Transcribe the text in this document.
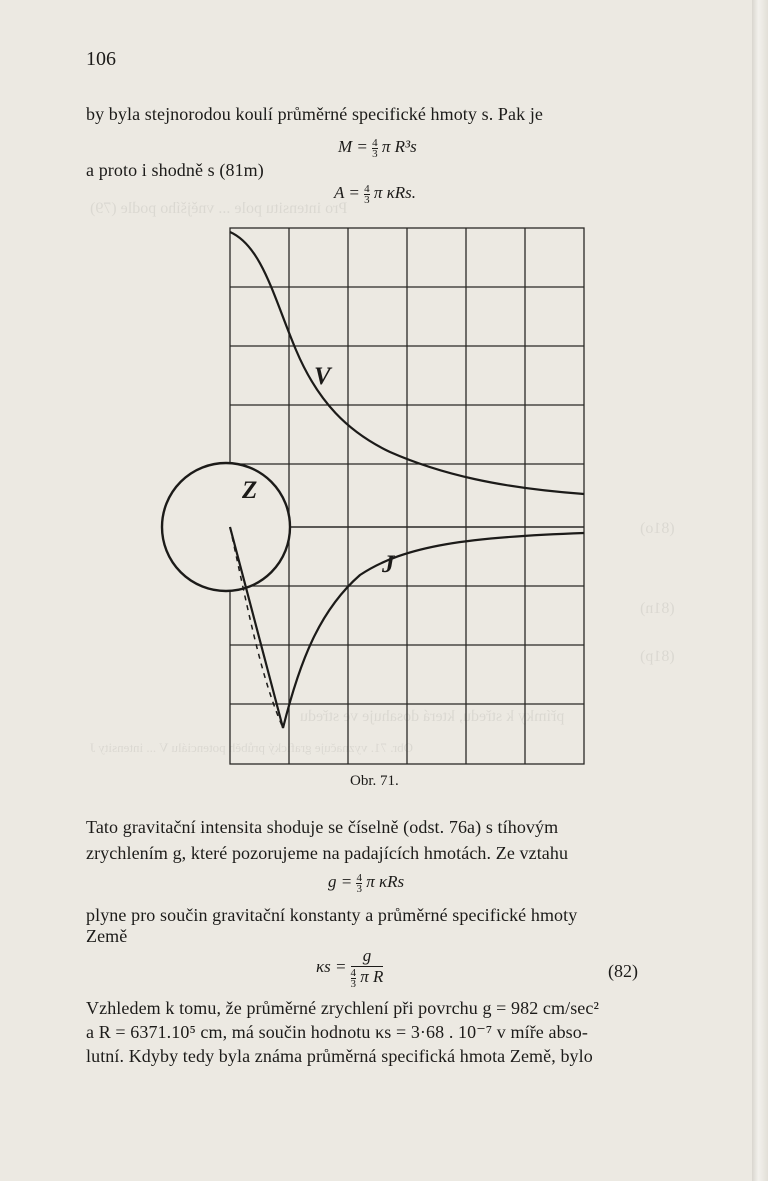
Pro intensitu pole ... vnějšího podle (79)
(81o)
(81n)
(81p)
přímky k středu, která dosahuje ve středu
Obr. 71. vyznačuje grafický průběh potenciálu V ... intensity J
106
by byla stejnorodou koulí průměrné specifické hmoty s. Pak je
$M = \frac{4}{3}$ π R³s
a proto i shodně s (81m)
$A = \frac{4}{3}$ π κRs.
V
Z
J
Obr. 71.
Tato gravitační intensita shoduje se číselně (odst. 76a) s tíhovým
zrychlením g, které pozorujeme na padajících hmotách. Ze vztahu
$g = \frac{4}{3}$ π κRs
plyne pro součin gravitační konstanty a průměrné specifické hmoty
Země
$\kappa s = \frac{g}{\frac{4}{3} \pi R}$	(82)
Vzhledem k tomu, že průměrné zrychlení při povrchu g = 982 cm/sec²
a R = 6371.10⁵ cm, má součin hodnotu κs = 3·68 . 10⁻⁷ v míře abso-
lutní. Kdyby tedy byla známa průměrná specifická hmota Země, bylo
